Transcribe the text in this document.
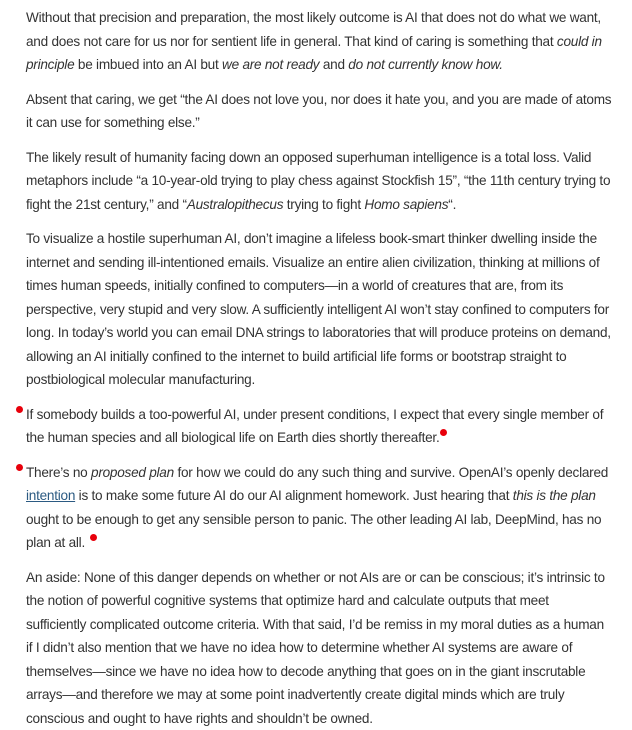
Without that precision and preparation, the most likely outcome is AI that does not do what we want, and does not care for us nor for sentient life in general. That kind of caring is something that could in principle be imbued into an AI but we are not ready and do not currently know how.

Absent that caring, we get “the AI does not love you, nor does it hate you, and you are made of atoms it can use for something else.”

The likely result of humanity facing down an opposed superhuman intelligence is a total loss. Valid metaphors include “a 10-year-old trying to play chess against Stockfish 15”, “the 11th century trying to fight the 21st century,” and “Australopithecus trying to fight Homo sapiens“.

To visualize a hostile superhuman AI, don’t imagine a lifeless book-smart thinker dwelling inside the internet and sending ill-intentioned emails. Visualize an entire alien civilization, thinking at millions of times human speeds, initially confined to computers—in a world of creatures that are, from its perspective, very stupid and very slow. A sufficiently intelligent AI won’t stay confined to computers for long. In today’s world you can email DNA strings to laboratories that will produce proteins on demand, allowing an AI initially confined to the internet to build artificial life forms or bootstrap straight to postbiological molecular manufacturing.

If somebody builds a too-powerful AI, under present conditions, I expect that every single member of the human species and all biological life on Earth dies shortly thereafter.

There’s no proposed plan for how we could do any such thing and survive. OpenAI’s openly declared intention is to make some future AI do our AI alignment homework. Just hearing that this is the plan ought to be enough to get any sensible person to panic. The other leading AI lab, DeepMind, has no plan at all.

An aside: None of this danger depends on whether or not AIs are or can be conscious; it’s intrinsic to the notion of powerful cognitive systems that optimize hard and calculate outputs that meet sufficiently complicated outcome criteria. With that said, I’d be remiss in my moral duties as a human if I didn’t also mention that we have no idea how to determine whether AI systems are aware of themselves—since we have no idea how to decode anything that goes on in the giant inscrutable arrays—and therefore we may at some point inadvertently create digital minds which are truly conscious and ought to have rights and shouldn’t be owned.
